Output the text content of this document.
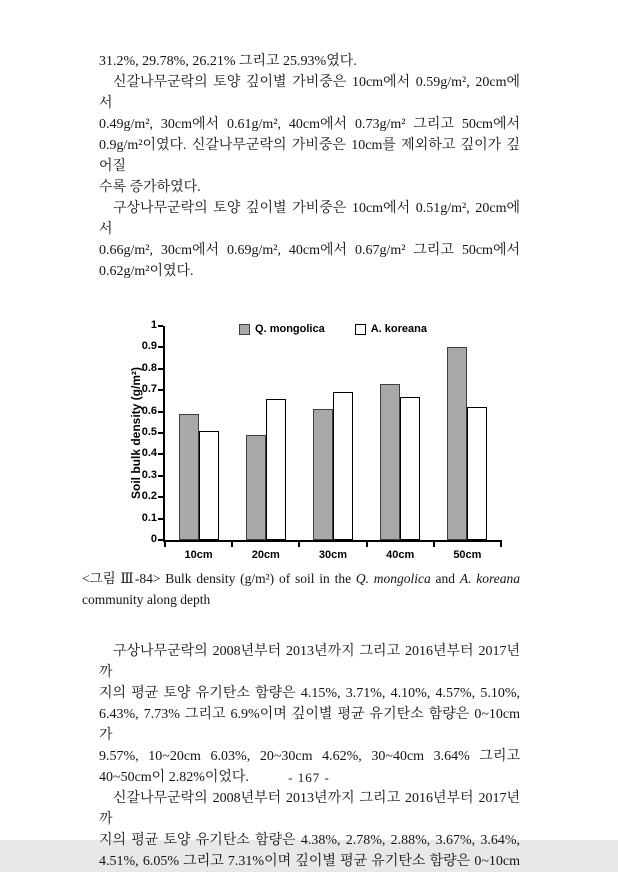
31.2%, 29.78%, 26.21% 그리고 25.93%였다.
신갈나무군락의 토양 깊이별 가비중은 10cm에서 0.59g/m², 20cm에서
0.49g/m², 30cm에서 0.61g/m², 40cm에서 0.73g/m² 그리고 50cm에서
0.9g/m²이였다. 신갈나무군락의 가비중은 10cm를 제외하고 깊이가 깊어질
수록 증가하였다.
구상나무군락의 토양 깊이별 가비중은 10cm에서 0.51g/m², 20cm에서
0.66g/m², 30cm에서 0.69g/m², 40cm에서 0.67g/m² 그리고 50cm에서
0.62g/m²이였다.
Soil bulk density (g/m²)
Q. mongolica	A. koreana
0
0.1
0.2
0.3
0.4
0.5
0.6
0.7
0.8
0.9
1
10cm	20cm	30cm	40cm	50cm
<그림 Ⅲ-84> Bulk density (g/m²) of soil in the Q. mongolica and A. koreana community along depth
구상나무군락의 2008년부터 2013년까지 그리고 2016년부터 2017년까
지의 평균 토양 유기탄소 함량은 4.15%, 3.71%, 4.10%, 4.57%, 5.10%,
6.43%, 7.73% 그리고 6.9%이며 깊이별 평균 유기탄소 함량은 0~10cm가
9.57%, 10~20cm 6.03%, 20~30cm 4.62%, 30~40cm 3.64% 그리고
40~50cm이 2.82%이었다.
신갈나무군락의 2008년부터 2013년까지 그리고 2016년부터 2017년까
지의 평균 토양 유기탄소 함량은 4.38%, 2.78%, 2.88%, 3.67%, 3.64%,
4.51%, 6.05% 그리고 7.31%이며 깊이별 평균 유기탄소 함량은 0~10cm
- 167 -
